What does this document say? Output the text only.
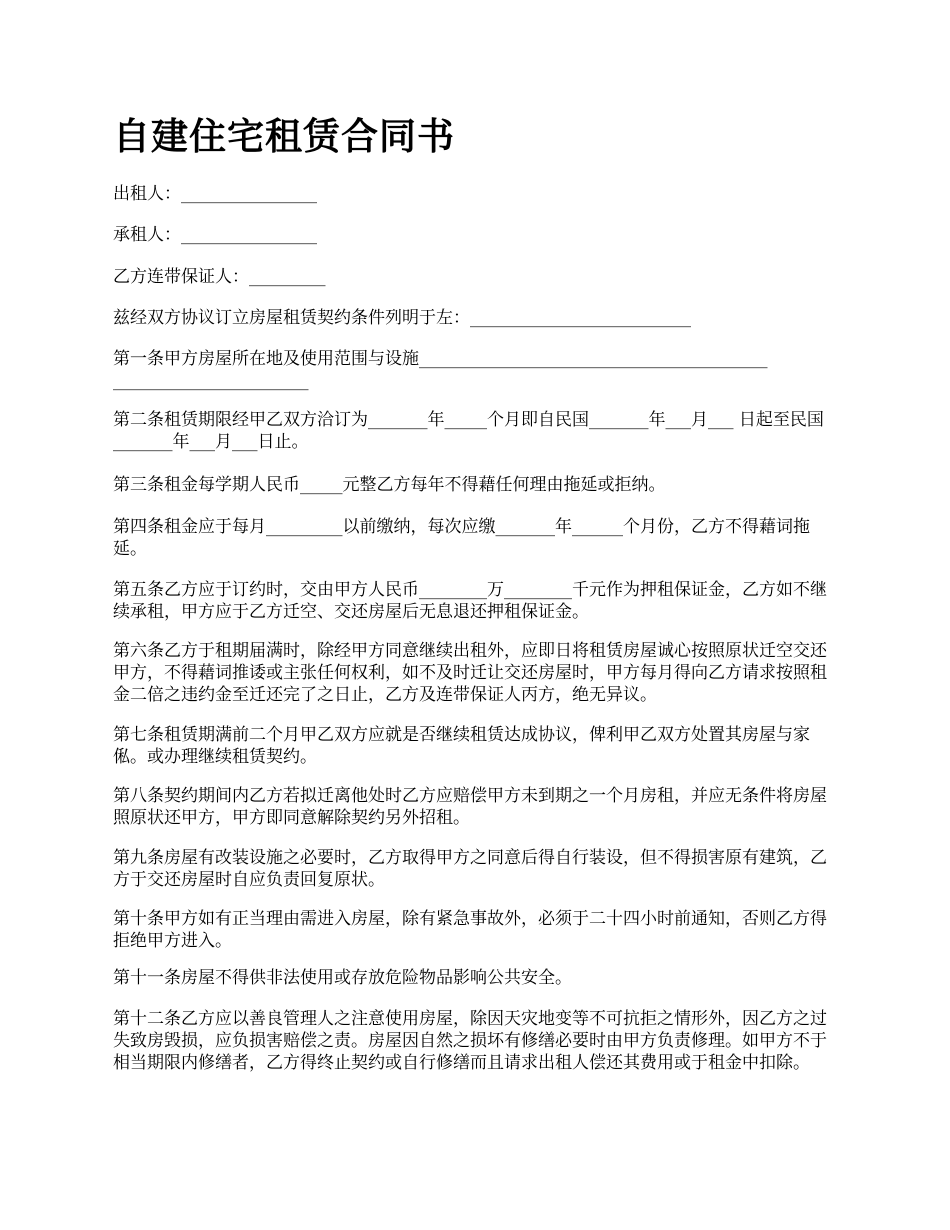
自建住宅租赁合同书

出租人：________________

承租人：________________

乙方连带保证人：_________

兹经双方协议订立房屋租赁契约条件列明于左：__________________________

第一条甲方房屋所在地及使用范围与设施_________________________________________ _______________________

第二条租赁期限经甲乙双方洽订为_______年_____个月即自民国_______年___月___ 日起至民国_______年___月___日止。

第三条租金每学期人民币_____元整乙方每年不得藉任何理由拖延或拒纳。

第四条租金应于每月_________以前缴纳，每次应缴_______年______个月份，乙方不得藉词拖延。

第五条乙方应于订约时，交由甲方人民币________万________千元作为押租保证金，乙方如不继续承租，甲方应于乙方迁空、交还房屋后无息退还押租保证金。

第六条乙方于租期届满时，除经甲方同意继续出租外，应即日将租赁房屋诚心按照原状迁空交还甲方，不得藉词推诿或主张任何权利，如不及时迁让交还房屋时，甲方每月得向乙方请求按照租金二倍之违约金至迁还完了之日止，乙方及连带保证人丙方，绝无异议。

第七条租赁期满前二个月甲乙双方应就是否继续租赁达成协议，俾利甲乙双方处置其房屋与家俬。或办理继续租赁契约。

第八条契约期间内乙方若拟迁离他处时乙方应赔偿甲方未到期之一个月房租，并应无条件将房屋照原状还甲方，甲方即同意解除契约另外招租。

第九条房屋有改装设施之必要时，乙方取得甲方之同意后得自行装设，但不得损害原有建筑，乙方于交还房屋时自应负责回复原状。

第十条甲方如有正当理由需进入房屋，除有紧急事故外，必须于二十四小时前通知，否则乙方得拒绝甲方进入。

第十一条房屋不得供非法使用或存放危险物品影响公共安全。

第十二条乙方应以善良管理人之注意使用房屋，除因天灾地变等不可抗拒之情形外，因乙方之过失致房毁损，应负损害赔偿之责。房屋因自然之损坏有修缮必要时由甲方负责修理。如甲方不于相当期限内修缮者，乙方得终止契约或自行修缮而且请求出租人偿还其费用或于租金中扣除。
